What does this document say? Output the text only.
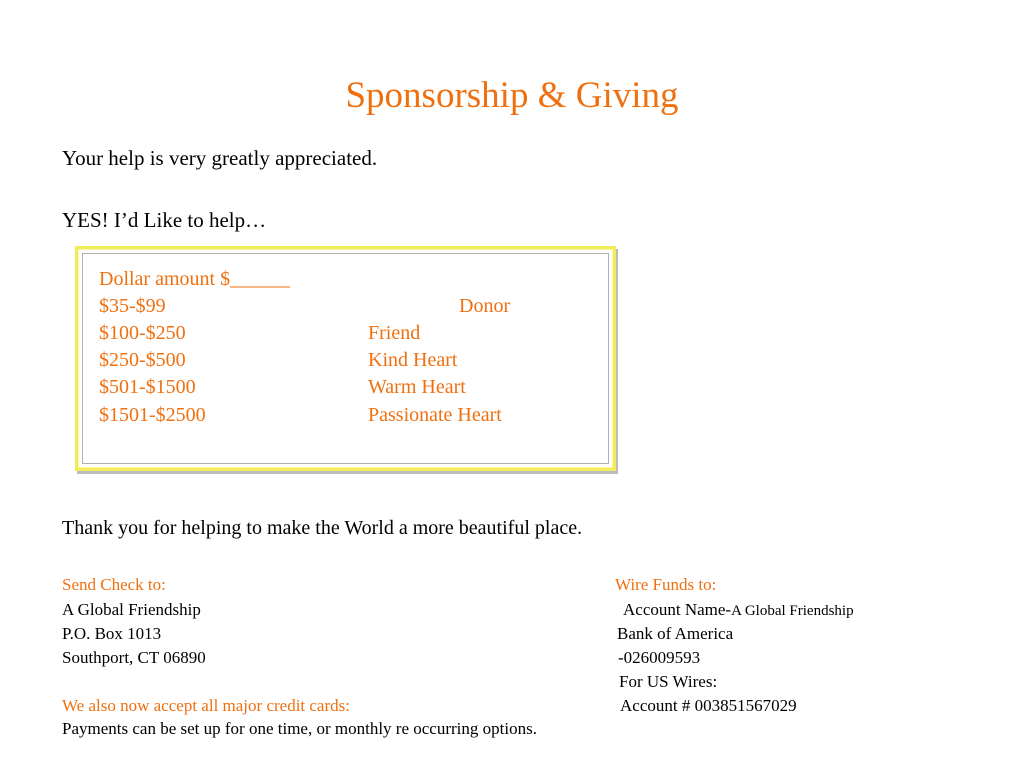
Sponsorship & Giving
Your help is very greatly appreciated.
YES! I’d Like to help…
Dollar amount $______
$35-$99	Donor
$100-$250	Friend
$250-$500	Kind Heart
$501-$1500	Warm Heart
$1501-$2500	Passionate Heart
Thank you for helping to make the World a more beautiful place.
Send Check to:
A Global Friendship
P.O. Box 1013
Southport, CT 06890
Wire Funds to:
Account Name-A Global Friendship
Bank of America
-026009593
For US Wires:
Account # 003851567029
We also now accept all major credit cards:
Payments can be set up for one time, or monthly re occurring options.
